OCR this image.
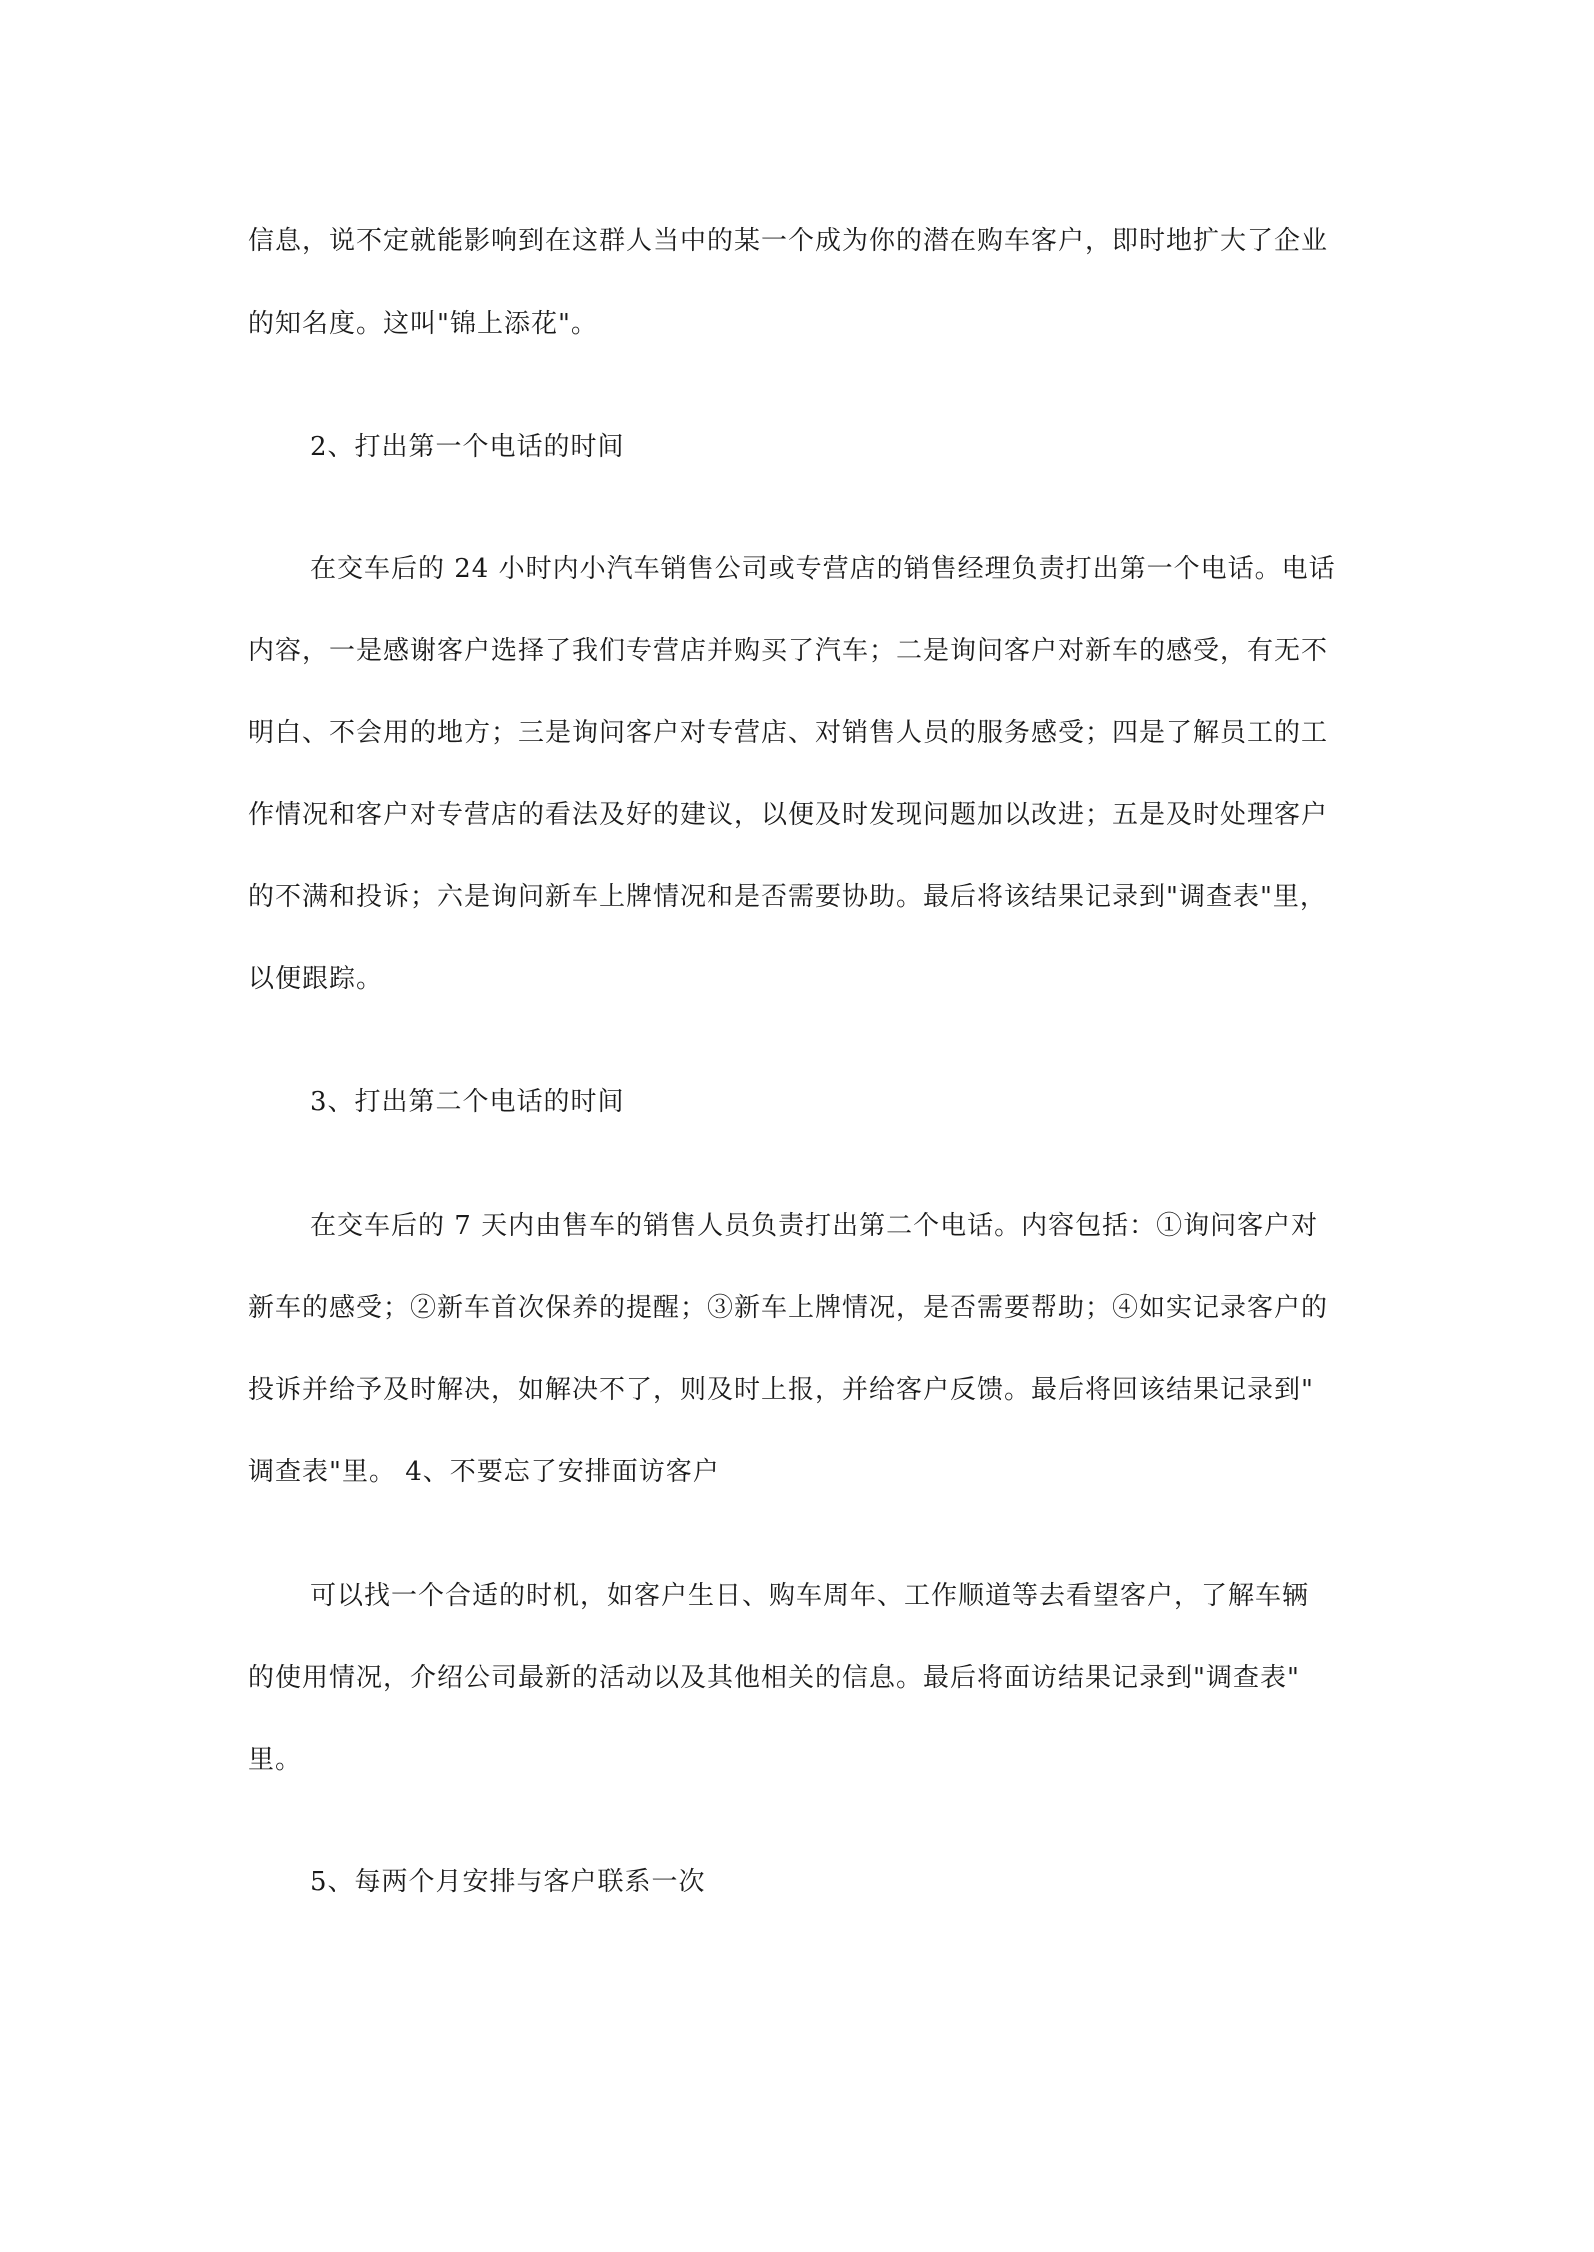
信息，说不定就能影响到在这群人当中的某一个成为你的潜在购车客户，即时地扩大了企业
的知名度。这叫"锦上添花"。
2、打出第一个电话的时间
在交车后的 24 小时内小汽车销售公司或专营店的销售经理负责打出第一个电话。电话
内容，一是感谢客户选择了我们专营店并购买了汽车；二是询问客户对新车的感受，有无不
明白、不会用的地方；三是询问客户对专营店、对销售人员的服务感受；四是了解员工的工
作情况和客户对专营店的看法及好的建议，以便及时发现问题加以改进；五是及时处理客户
的不满和投诉；六是询问新车上牌情况和是否需要协助。最后将该结果记录到"调查表"里，
以便跟踪。
3、打出第二个电话的时间
在交车后的 7 天内由售车的销售人员负责打出第二个电话。内容包括：①询问客户对
新车的感受；②新车首次保养的提醒；③新车上牌情况，是否需要帮助；④如实记录客户的
投诉并给予及时解决，如解决不了，则及时上报，并给客户反馈。最后将回该结果记录到"
调查表"里。 4、不要忘了安排面访客户
可以找一个合适的时机，如客户生日、购车周年、工作顺道等去看望客户，了解车辆
的使用情况，介绍公司最新的活动以及其他相关的信息。最后将面访结果记录到"调查表"
里。
5、每两个月安排与客户联系一次
